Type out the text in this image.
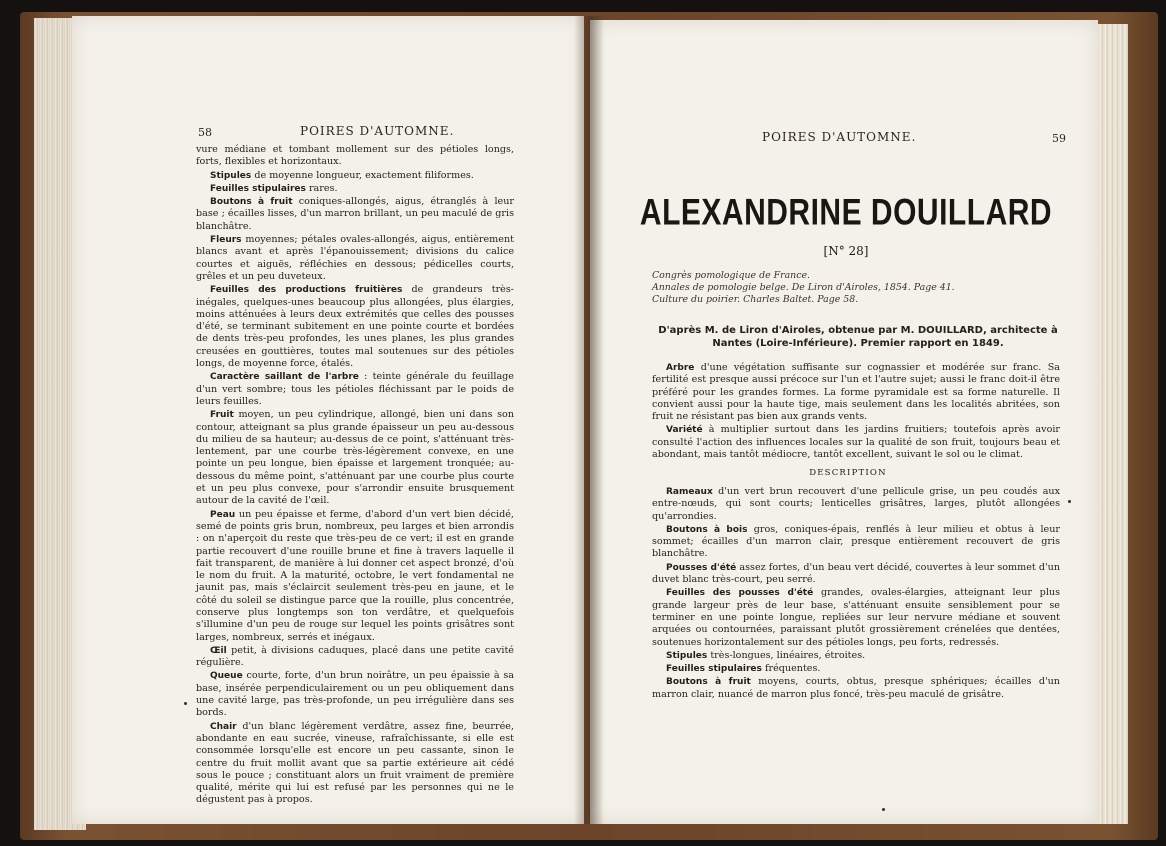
58	POIRES D'AUTOMNE.

vure médiane et tombant mollement sur des pétioles longs, forts, flexibles et horizontaux.

Stipules de moyenne longueur, exactement filiformes.

Feuilles stipulaires rares.

Boutons à fruit coniques-allongés, aigus, étranglés à leur base ; écailles lisses, d'un marron brillant, un peu maculé de gris blanchâtre.

Fleurs moyennes; pétales ovales-allongés, aigus, entièrement blancs avant et après l'épanouissement; divisions du calice courtes et aiguës, réfléchies en dessous; pédicelles courts, grêles et un peu duveteux.

Feuilles des productions fruitières de grandeurs très-inégales, quelques-unes beaucoup plus allongées, plus élargies, moins atténuées à leurs deux extrémités que celles des pousses d'été, se terminant subitement en une pointe courte et bordées de dents très-peu profondes, les unes planes, les plus grandes creusées en gouttières, toutes mal soutenues sur des pétioles longs, de moyenne force, étalés.

Caractère saillant de l'arbre : teinte générale du feuillage d'un vert sombre; tous les pétioles fléchissant par le poids de leurs feuilles.

Fruit moyen, un peu cylindrique, allongé, bien uni dans son contour, atteignant sa plus grande épaisseur un peu au-dessous du milieu de sa hauteur; au-dessus de ce point, s'atténuant très-lentement, par une courbe très-légèrement convexe, en une pointe un peu longue, bien épaisse et largement tronquée; au-dessous du même point, s'atténuant par une courbe plus courte et un peu plus convexe, pour s'arrondir ensuite brusquement autour de la cavité de l'œil.

Peau un peu épaisse et ferme, d'abord d'un vert bien décidé, semé de points gris brun, nombreux, peu larges et bien arrondis : on n'aperçoit du reste que très-peu de ce vert; il est en grande partie recouvert d'une rouille brune et fine à travers laquelle il fait transparent, de manière à lui donner cet aspect bronzé, d'où le nom du fruit. A la maturité, octobre, le vert fondamental ne jaunit pas, mais s'éclaircit seulement très-peu en jaune, et le côté du soleil se distingue parce que la rouille, plus concentrée, conserve plus longtemps son ton verdâtre, et quelquefois s'illumine d'un peu de rouge sur lequel les points grisâtres sont larges, nombreux, serrés et inégaux.

Œil petit, à divisions caduques, placé dans une petite cavité régulière.

Queue courte, forte, d'un brun noirâtre, un peu épaissie à sa base, insérée perpendiculairement ou un peu obliquement dans une cavité large, pas très-profonde, un peu irrégulière dans ses bords.

Chair d'un blanc légèrement verdâtre, assez fine, beurrée, abondante en eau sucrée, vineuse, rafraîchissante, si elle est consommée lorsqu'elle est encore un peu cassante, sinon le centre du fruit mollit avant que sa partie extérieure ait cédé sous le pouce ; constituant alors un fruit vraiment de première qualité, mérite qui lui est refusé par les personnes qui ne le dégustent pas à propos.

POIRES D'AUTOMNE.	59
ALEXANDRINE DOUILLARD
[N° 28]
Congrès pomologique de France.
Annales de pomologie belge. De Liron d'Airoles, 1854. Page 41.
Culture du poirier. Charles Baltet. Page 58.
D'après M. de Liron d'Airoles, obtenue par M. DOUILLARD, architecte à Nantes (Loire-Inférieure). Premier rapport en 1849.

Arbre d'une végétation suffisante sur cognassier et modérée sur franc. Sa fertilité est presque aussi précoce sur l'un et l'autre sujet; aussi le franc doit-il être préféré pour les grandes formes. La forme pyramidale est sa forme naturelle. Il convient aussi pour la haute tige, mais seulement dans les localités abritées, son fruit ne résistant pas bien aux grands vents.

Variété à multiplier surtout dans les jardins fruitiers; toutefois après avoir consulté l'action des influences locales sur la qualité de son fruit, toujours beau et abondant, mais tantôt médiocre, tantôt excellent, suivant le sol ou le climat.

DESCRIPTION

Rameaux d'un vert brun recouvert d'une pellicule grise, un peu coudés aux entre-nœuds, qui sont courts; lenticelles grisâtres, larges, plutôt allongées qu'arrondies.

Boutons à bois gros, coniques-épais, renflés à leur milieu et obtus à leur sommet; écailles d'un marron clair, presque entièrement recouvert de gris blanchâtre.

Pousses d'été assez fortes, d'un beau vert décidé, couvertes à leur sommet d'un duvet blanc très-court, peu serré.

Feuilles des pousses d'été grandes, ovales-élargies, atteignant leur plus grande largeur près de leur base, s'atténuant ensuite sensiblement pour se terminer en une pointe longue, repliées sur leur nervure médiane et souvent arquées ou contournées, paraissant plutôt grossièrement crénelées que dentées, soutenues horizontalement sur des pétioles longs, peu forts, redressés.

Stipules très-longues, linéaires, étroites.

Feuilles stipulaires fréquentes.

Boutons à fruit moyens, courts, obtus, presque sphériques; écailles d'un marron clair, nuancé de marron plus foncé, très-peu maculé de grisâtre.
